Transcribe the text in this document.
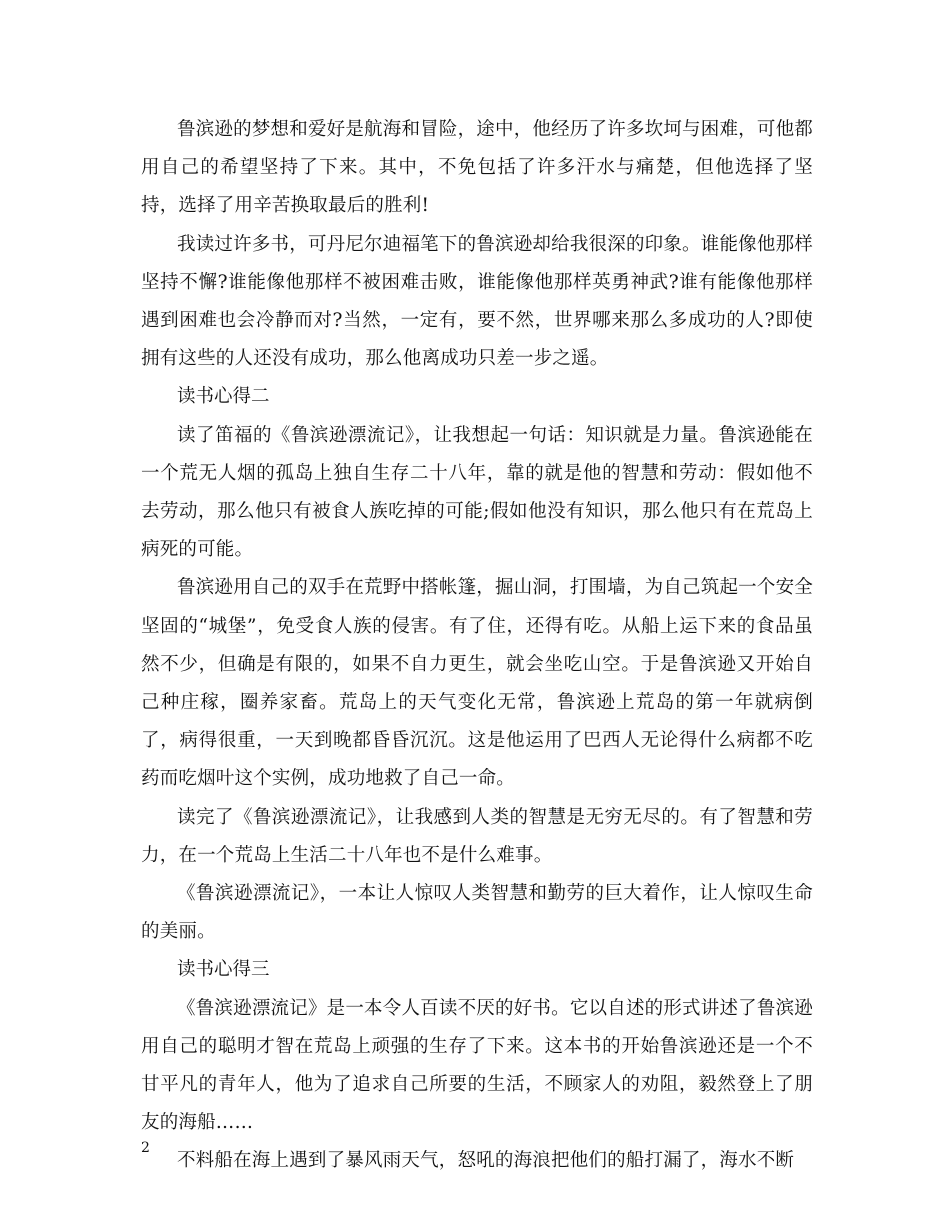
鲁滨逊的梦想和爱好是航海和冒险，途中，他经历了许多坎坷与困难，可他都用自己的希望坚持了下来。其中，不免包括了许多汗水与痛楚，但他选择了坚持，选择了用辛苦换取最后的胜利!

我读过许多书，可丹尼尔迪福笔下的鲁滨逊却给我很深的印象。谁能像他那样坚持不懈?谁能像他那样不被困难击败，谁能像他那样英勇神武?谁有能像他那样遇到困难也会冷静而对?当然，一定有，要不然，世界哪来那么多成功的人?即使拥有这些的人还没有成功，那么他离成功只差一步之遥。

读书心得二

读了笛福的《鲁滨逊漂流记》，让我想起一句话：知识就是力量。鲁滨逊能在一个荒无人烟的孤岛上独自生存二十八年，靠的就是他的智慧和劳动：假如他不去劳动，那么他只有被食人族吃掉的可能;假如他没有知识，那么他只有在荒岛上病死的可能。

鲁滨逊用自己的双手在荒野中搭帐篷，掘山洞，打围墙，为自己筑起一个安全坚固的“城堡”，免受食人族的侵害。有了住，还得有吃。从船上运下来的食品虽然不少，但确是有限的，如果不自力更生，就会坐吃山空。于是鲁滨逊又开始自己种庄稼，圈养家畜。荒岛上的天气变化无常，鲁滨逊上荒岛的第一年就病倒了，病得很重，一天到晚都昏昏沉沉。这是他运用了巴西人无论得什么病都不吃药而吃烟叶这个实例，成功地救了自己一命。

读完了《鲁滨逊漂流记》，让我感到人类的智慧是无穷无尽的。有了智慧和劳力，在一个荒岛上生活二十八年也不是什么难事。

《鲁滨逊漂流记》，一本让人惊叹人类智慧和勤劳的巨大着作，让人惊叹生命的美丽。

读书心得三

《鲁滨逊漂流记》是一本令人百读不厌的好书。它以自述的形式讲述了鲁滨逊用自己的聪明才智在荒岛上顽强的生存了下来。这本书的开始鲁滨逊还是一个不甘平凡的青年人，他为了追求自己所要的生活，不顾家人的劝阻，毅然登上了朋友的海船……

不料船在海上遇到了暴风雨天气，怒吼的海浪把他们的船打漏了，海水不断

2
